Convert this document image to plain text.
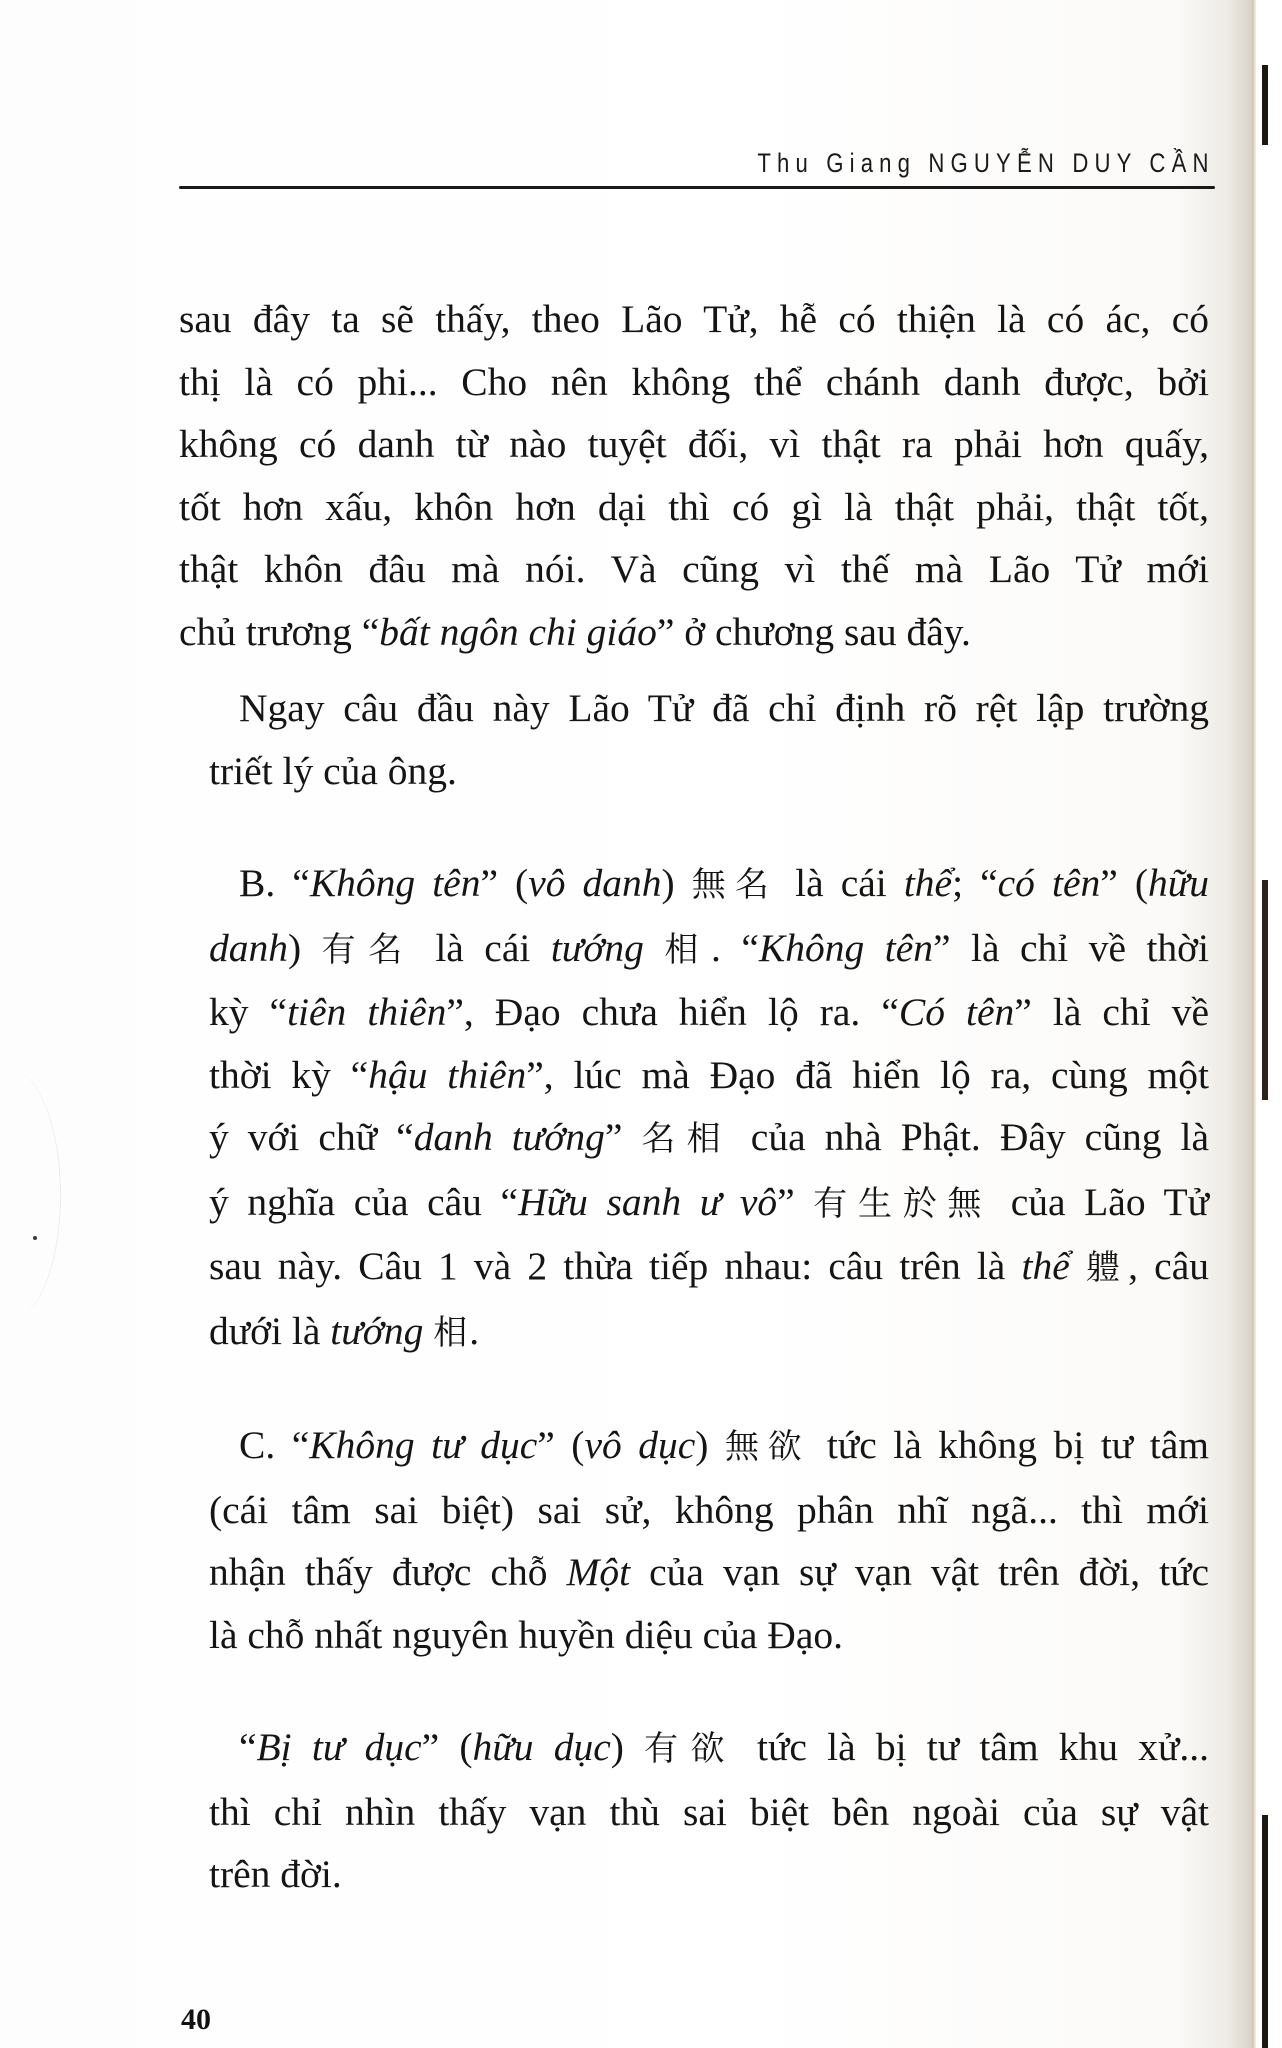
Thu Giang NGUYỄN DUY CẦN
sau đây ta sẽ thấy, theo Lão Tử, hễ có thiện là có ác, có
thị là có phi... Cho nên không thể chánh danh được, bởi
không có danh từ nào tuyệt đối, vì thật ra phải hơn quấy,
tốt hơn xấu, khôn hơn dại thì có gì là thật phải, thật tốt,
thật khôn đâu mà nói. Và cũng vì thế mà Lão Tử mới
chủ trương “bất ngôn chi giáo” ở chương sau đây.
Ngay câu đầu này Lão Tử đã chỉ định rõ rệt lập trường
triết lý của ông.
B. “Không tên” (vô danh) 無名 là cái thể; “có tên” (hữu
danh) 有名 là cái tướng 相. “Không tên” là chỉ về thời
kỳ “tiên thiên”, Đạo chưa hiển lộ ra. “Có tên” là chỉ về
thời kỳ “hậu thiên”, lúc mà Đạo đã hiển lộ ra, cùng một
ý với chữ “danh tướng” 名相 của nhà Phật. Đây cũng là
ý nghĩa của câu “Hữu sanh ư vô” 有生於無 của Lão Tử
sau này. Câu 1 và 2 thừa tiếp nhau: câu trên là thể 軆, câu
dưới là tướng 相.
C. “Không tư dục” (vô dục) 無欲 tức là không bị tư tâm
(cái tâm sai biệt) sai sử, không phân nhĩ ngã... thì mới
nhận thấy được chỗ Một của vạn sự vạn vật trên đời, tức
là chỗ nhất nguyên huyền diệu của Đạo.
“Bị tư dục” (hữu dục) 有欲 tức là bị tư tâm khu xử...
thì chỉ nhìn thấy vạn thù sai biệt bên ngoài của sự vật
trên đời.
40
